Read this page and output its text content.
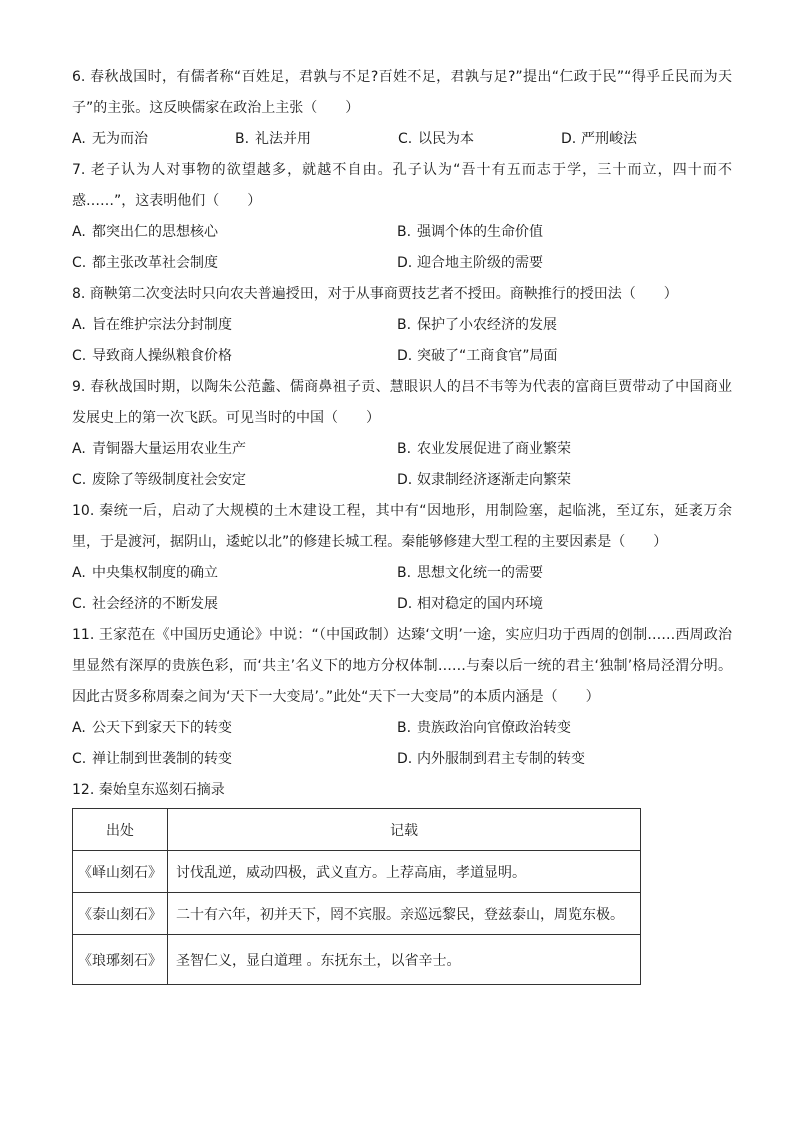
6. 春秋战国时，有儒者称“百姓足，君孰与不足?百姓不足，君孰与足?”提出“仁政于民”“得乎丘民而为天子”的主张。这反映儒家在政治上主张（　　）

A. 无为而治	B. 礼法并用	C. 以民为本	D. 严刑峻法

7. 老子认为人对事物的欲望越多，就越不自由。孔子认为“吾十有五而志于学，三十而立，四十而不惑……”，这表明他们（　　）

A. 都突出仁的思想核心	B. 强调个体的生命价值
C. 都主张改革社会制度	D. 迎合地主阶级的需要

8. 商鞅第二次变法时只向农夫普遍授田，对于从事商贾技艺者不授田。商鞅推行的授田法（　　）

A. 旨在维护宗法分封制度	B. 保护了小农经济的发展
C. 导致商人操纵粮食价格	D. 突破了“工商食官”局面

9. 春秋战国时期，以陶朱公范蠡、儒商鼻祖子贡、慧眼识人的吕不韦等为代表的富商巨贾带动了中国商业发展史上的第一次飞跃。可见当时的中国（　　）

A. 青铜器大量运用农业生产	B. 农业发展促进了商业繁荣
C. 废除了等级制度社会安定	D. 奴隶制经济逐渐走向繁荣

10. 秦统一后，启动了大规模的土木建设工程，其中有“因地形，用制险塞，起临洮，至辽东，延袤万余里，于是渡河，据阴山，逶蛇以北”的修建长城工程。秦能够修建大型工程的主要因素是（　　）

A. 中央集权制度的确立	B. 思想文化统一的需要
C. 社会经济的不断发展	D. 相对稳定的国内环境

11. 王家范在《中国历史通论》中说：“（中国政制）达臻‘文明’一途，实应归功于西周的创制……西周政治里显然有深厚的贵族色彩，而‘共主’名义下的地方分权体制……与秦以后一统的君主‘独制’格局泾渭分明。因此古贤多称周秦之间为‘天下一大变局’。”此处“天下一大变局”的本质内涵是（　　）

A. 公天下到家天下的转变	B. 贵族政治向官僚政治转变
C. 禅让制到世袭制的转变	D. 内外服制到君主专制的转变

12. 秦始皇东巡刻石摘录

出处	记载
《峄山刻石》	讨伐乱逆，威动四极，武义直方。上荐高庙，孝道显明。
《泰山刻石》	二十有六年，初并天下，罔不宾服。亲巡远黎民，登兹泰山，周览东极。
《琅琊刻石》	圣智仁义，显白道理 。东抚东土，以省辛士。
